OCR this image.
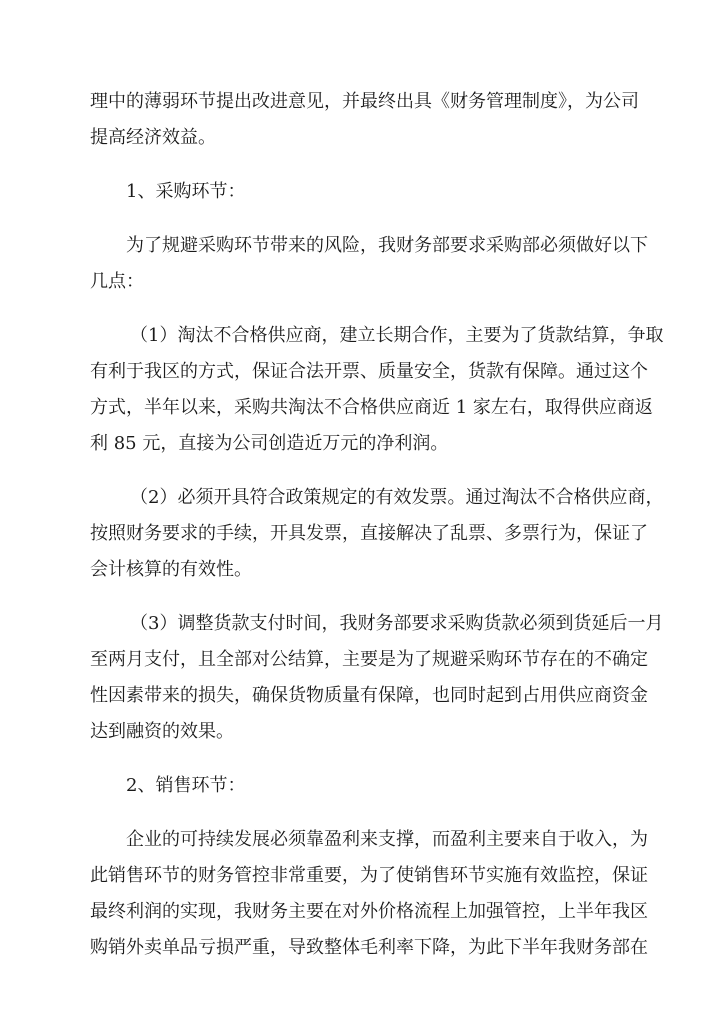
理中的薄弱环节提出改进意见，并最终出具《财务管理制度》，为公司
提高经济效益。
1、采购环节：
为了规避采购环节带来的风险，我财务部要求采购部必须做好以下
几点：
（1）淘汰不合格供应商，建立长期合作，主要为了货款结算，争取
有利于我区的方式，保证合法开票、质量安全，货款有保障。通过这个
方式，半年以来，采购共淘汰不合格供应商近 1 家左右，取得供应商返
利 85 元，直接为公司创造近万元的净利润。
（2）必须开具符合政策规定的有效发票。通过淘汰不合格供应商，
按照财务要求的手续，开具发票，直接解决了乱票、多票行为，保证了
会计核算的有效性。
（3）调整货款支付时间，我财务部要求采购货款必须到货延后一月
至两月支付，且全部对公结算，主要是为了规避采购环节存在的不确定
性因素带来的损失，确保货物质量有保障，也同时起到占用供应商资金
达到融资的效果。
2、销售环节：
企业的可持续发展必须靠盈利来支撑，而盈利主要来自于收入，为
此销售环节的财务管控非常重要，为了使销售环节实施有效监控，保证
最终利润的实现，我财务主要在对外价格流程上加强管控，上半年我区
购销外卖单品亏损严重，导致整体毛利率下降，为此下半年我财务部在
